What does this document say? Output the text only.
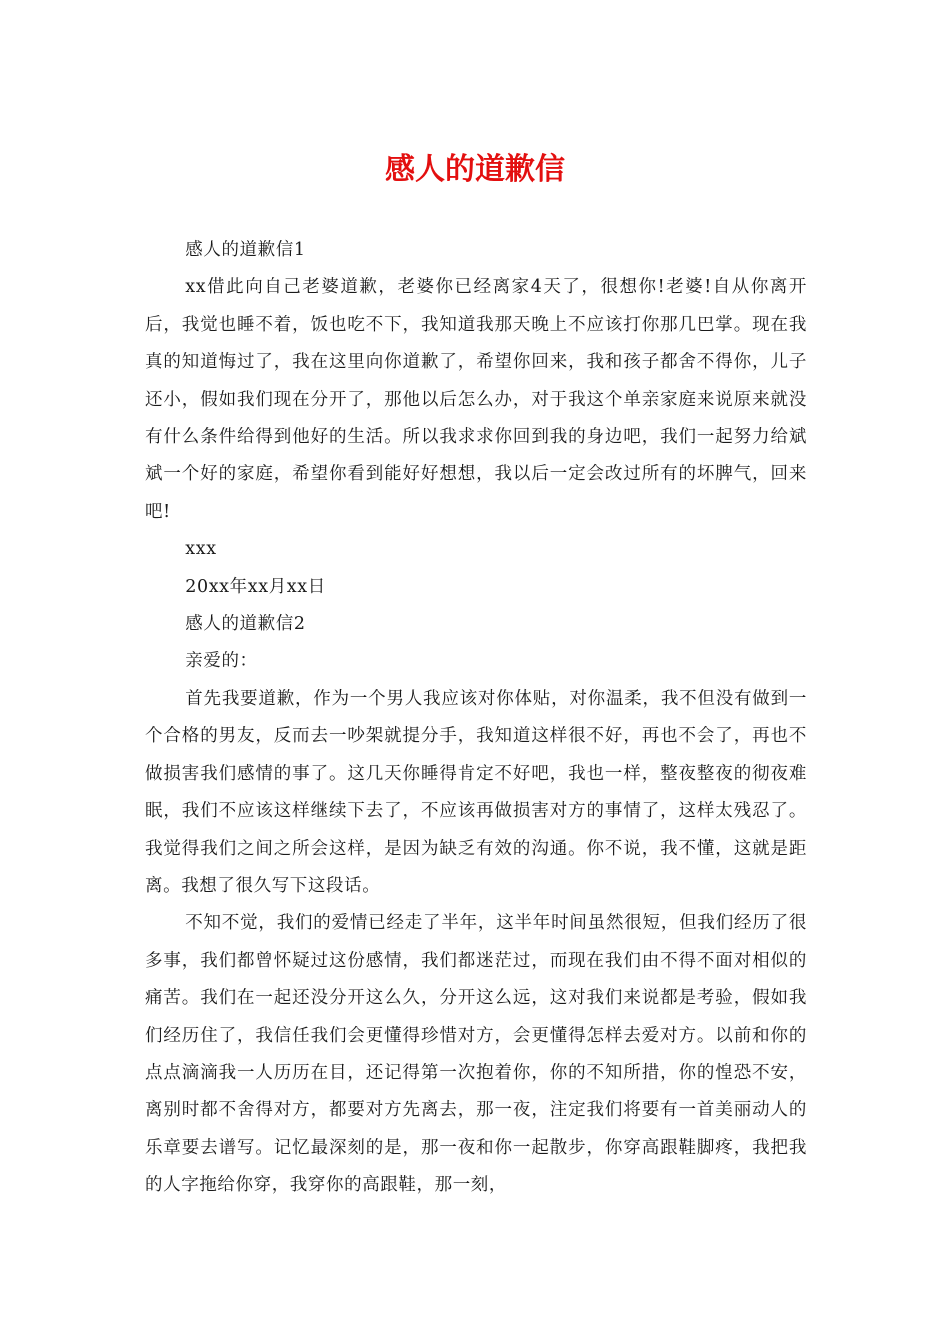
感人的道歉信

感人的道歉信1

xx借此向自己老婆道歉，老婆你已经离家4天了，很想你!老婆!自从你离开后，我觉也睡不着，饭也吃不下，我知道我那天晚上不应该打你那几巴掌。现在我真的知道悔过了，我在这里向你道歉了，希望你回来，我和孩子都舍不得你，儿子还小，假如我们现在分开了，那他以后怎么办，对于我这个单亲家庭来说原来就没有什么条件给得到他好的生活。所以我求求你回到我的身边吧，我们一起努力给斌斌一个好的家庭，希望你看到能好好想想，我以后一定会改过所有的坏脾气，回来吧!

xxx

20xx年xx月xx日

感人的道歉信2

亲爱的：

首先我要道歉，作为一个男人我应该对你体贴，对你温柔，我不但没有做到一个合格的男友，反而去一吵架就提分手，我知道这样很不好，再也不会了，再也不做损害我们感情的事了。这几天你睡得肯定不好吧，我也一样，整夜整夜的彻夜难眠，我们不应该这样继续下去了，不应该再做损害对方的事情了，这样太残忍了。我觉得我们之间之所会这样，是因为缺乏有效的沟通。你不说，我不懂，这就是距离。我想了很久写下这段话。

不知不觉，我们的爱情已经走了半年，这半年时间虽然很短，但我们经历了很多事，我们都曾怀疑过这份感情，我们都迷茫过，而现在我们由不得不面对相似的痛苦。我们在一起还没分开这么久，分开这么远，这对我们来说都是考验，假如我们经历住了，我信任我们会更懂得珍惜对方，会更懂得怎样去爱对方。以前和你的点点滴滴我一人历历在目，还记得第一次抱着你，你的不知所措，你的惶恐不安，离别时都不舍得对方，都要对方先离去，那一夜，注定我们将要有一首美丽动人的乐章要去谱写。记忆最深刻的是，那一夜和你一起散步，你穿高跟鞋脚疼，我把我的人字拖给你穿，我穿你的高跟鞋，那一刻，
